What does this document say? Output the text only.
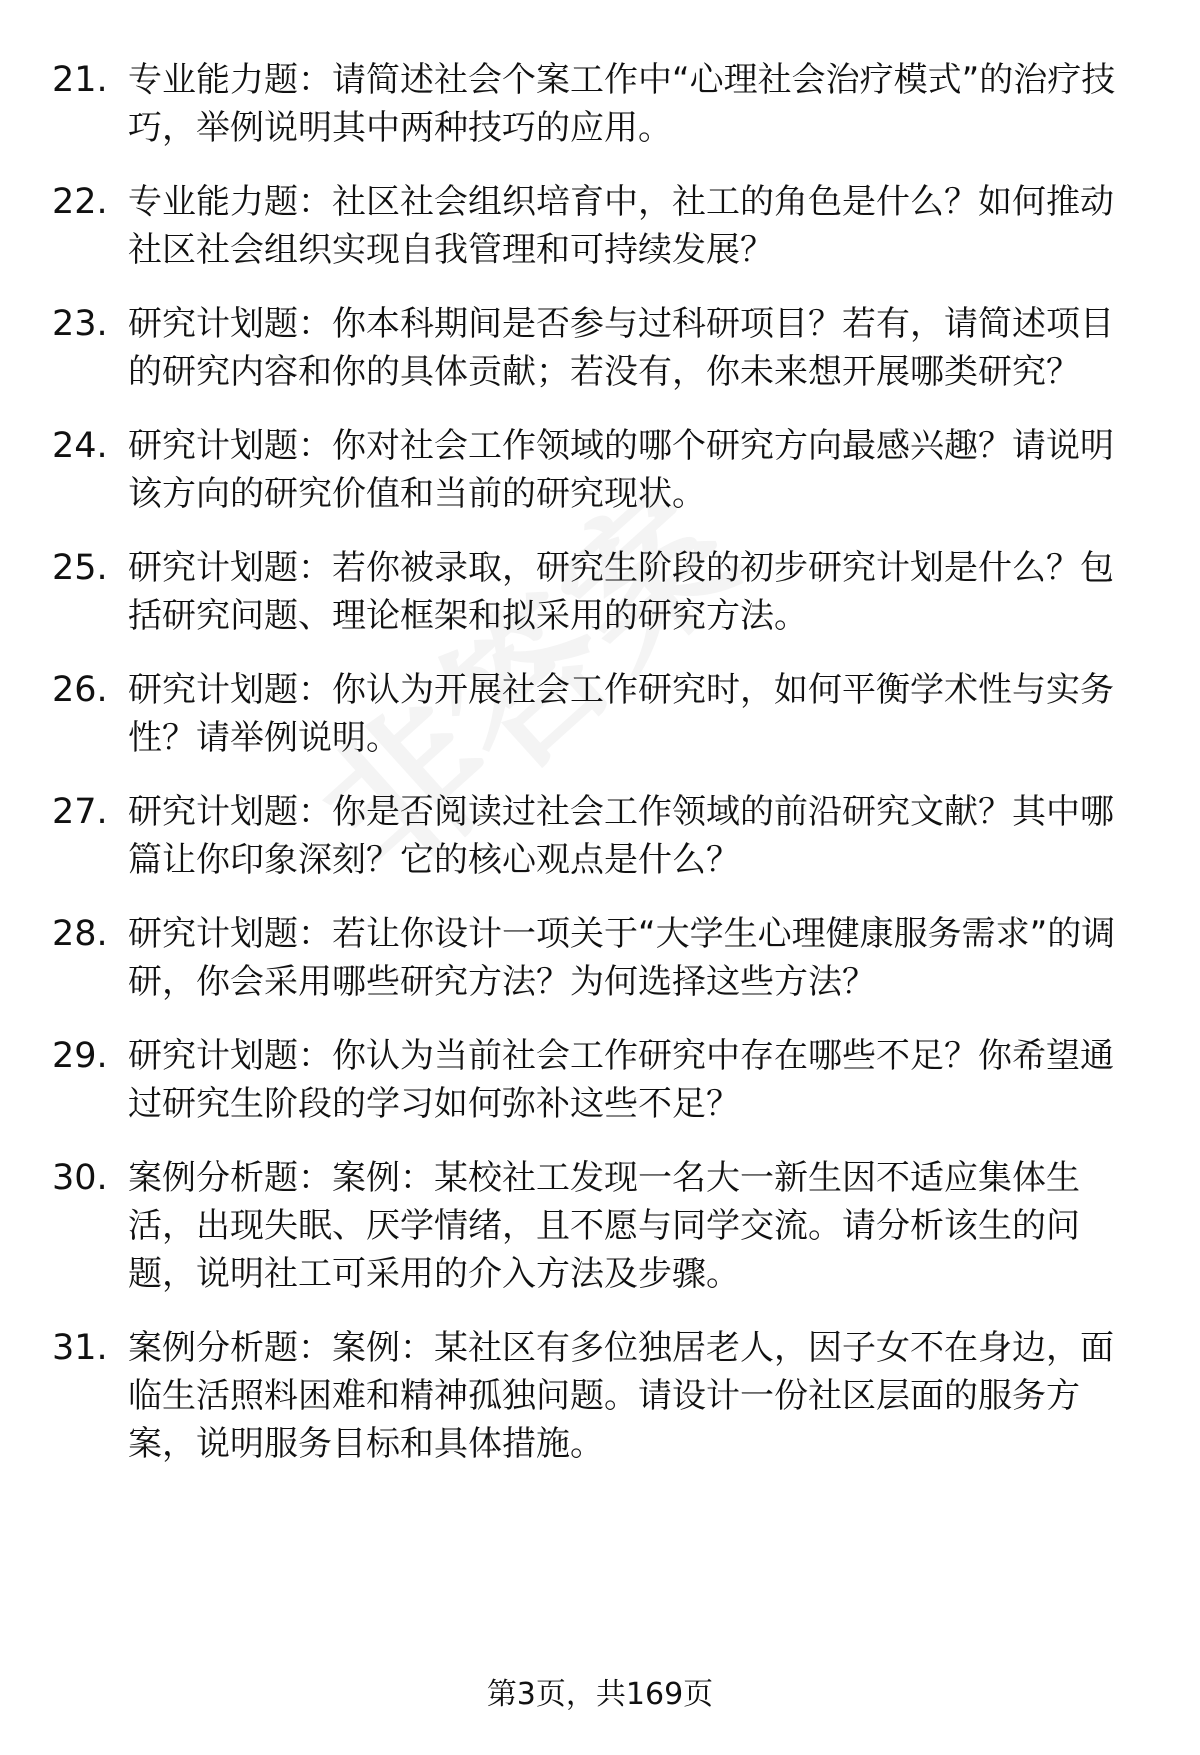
21. 专业能力题：请简述社会个案工作中“心理社会治疗模式”的治疗技巧，举例说明其中两种技巧的应用。
22. 专业能力题：社区社会组织培育中，社工的角色是什么？如何推动社区社会组织实现自我管理和可持续发展？
23. 研究计划题：你本科期间是否参与过科研项目？若有，请简述项目的研究内容和你的具体贡献；若没有，你未来想开展哪类研究？
24. 研究计划题：你对社会工作领域的哪个研究方向最感兴趣？请说明该方向的研究价值和当前的研究现状。
25. 研究计划题：若你被录取，研究生阶段的初步研究计划是什么？包括研究问题、理论框架和拟采用的研究方法。
26. 研究计划题：你认为开展社会工作研究时，如何平衡学术性与实务性？请举例说明。
27. 研究计划题：你是否阅读过社会工作领域的前沿研究文献？其中哪篇让你印象深刻？它的核心观点是什么？
28. 研究计划题：若让你设计一项关于“大学生心理健康服务需求”的调研，你会采用哪些研究方法？为何选择这些方法？
29. 研究计划题：你认为当前社会工作研究中存在哪些不足？你希望通过研究生阶段的学习如何弥补这些不足？
30. 案例分析题：案例：某校社工发现一名大一新生因不适应集体生活，出现失眠、厌学情绪，且不愿与同学交流。请分析该生的问题，说明社工可采用的介入方法及步骤。
31. 案例分析题：案例：某社区有多位独居老人，因子女不在身边，面临生活照料困难和精神孤独问题。请设计一份社区层面的服务方案，说明服务目标和具体措施。
第3页，共169页
